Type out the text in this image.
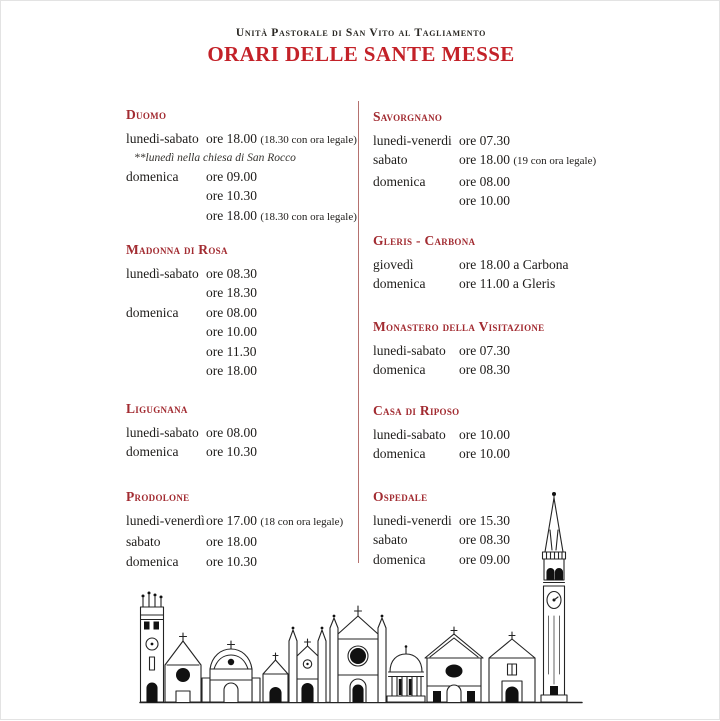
Unità Pastorale di San Vito al Tagliamento
ORARI DELLE SANTE MESSE
Duomo
lunedi-sabato ore 18.00 (18.30 con ora legale)
**lunedì nella chiesa di San Rocco
domenica	ore 09.00
ore 10.30
ore 18.00 (18.30 con ora legale)
Madonna di Rosa
lunedì-sabato ore 08.30
ore 18.30
domenica	ore 08.00
ore 10.00
ore 11.30
ore 18.00
Ligugnana
lunedi-sabato ore 08.00
domenica	ore 10.30
Prodolone
lunedi-venerdì ore 17.00 (18 con ora legale)
sabato	ore 18.00
domenica	ore 10.30
Savorgnano
lunedi-venerdi ore 07.30
sabato	ore 18.00 (19 con ora legale)
domenica	ore 08.00
ore 10.00
Gleris - Carbona
giovedì	ore 18.00 a Carbona
domenica	ore 11.00 a Gleris
Monastero della Visitazione
lunedi-sabato ore 07.30
domenica	ore 08.30
Casa di Riposo
lunedi-sabato ore 10.00
domenica	ore 10.00
Ospedale
lunedi-venerdi ore 15.30
sabato	ore 08.30
domenica	ore 09.00
